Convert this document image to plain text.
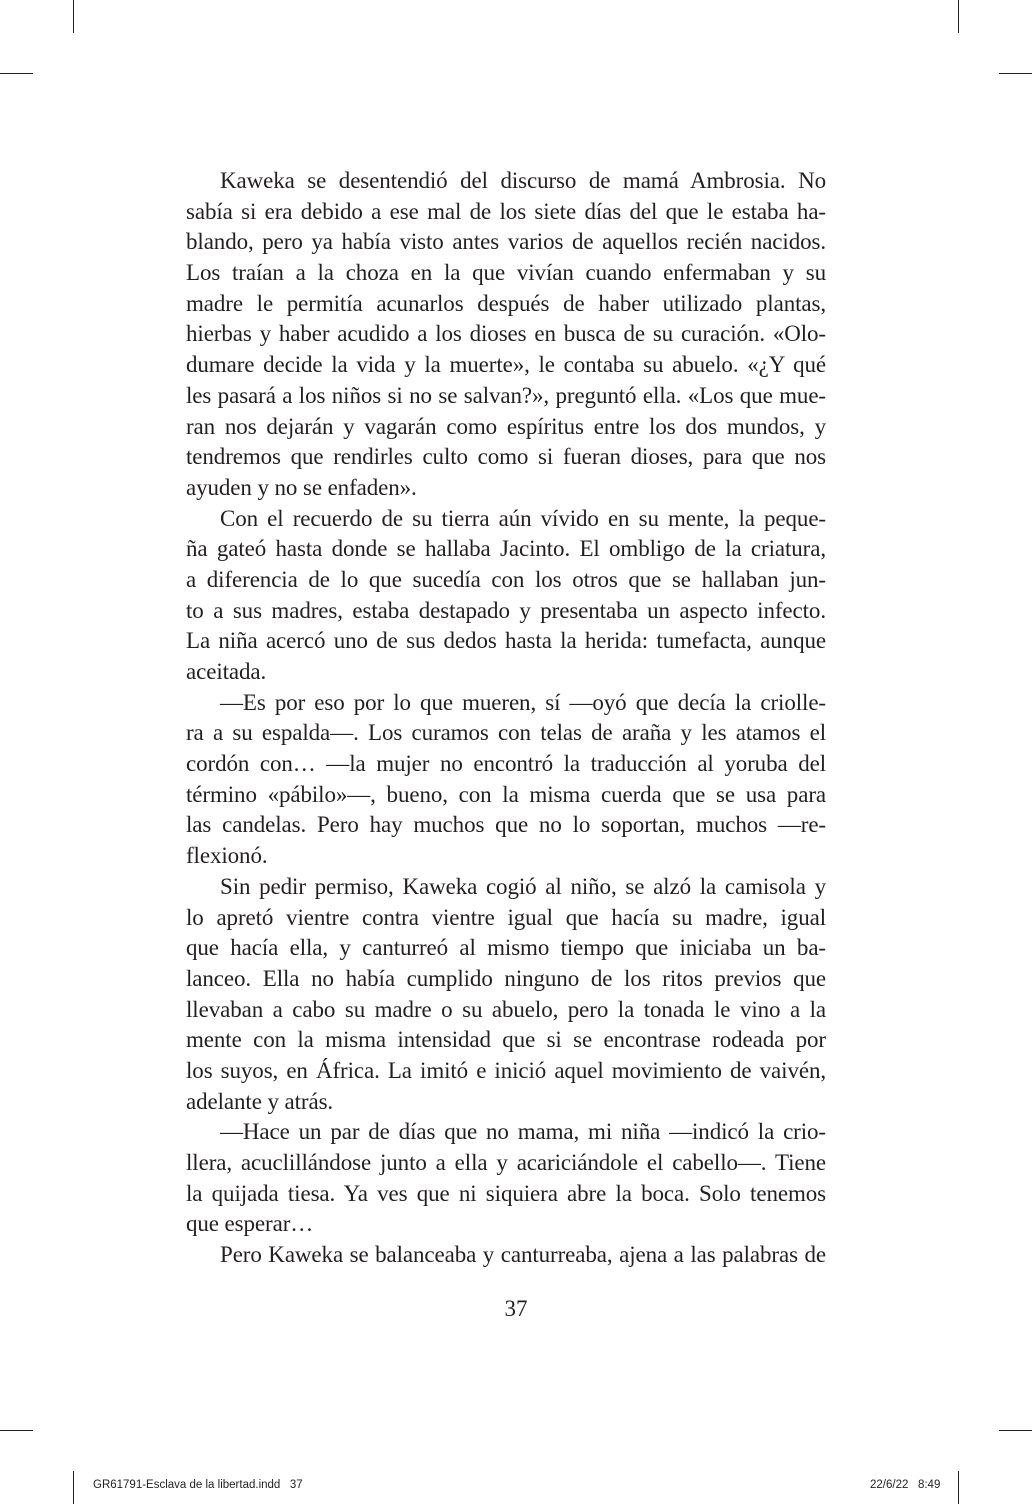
Kaweka se desentendió del discurso de mamá Ambrosia. No
sabía si era debido a ese mal de los siete días del que le estaba ha-
blando, pero ya había visto antes varios de aquellos recién nacidos.
Los traían a la choza en la que vivían cuando enfermaban y su
madre le permitía acunarlos después de haber utilizado plantas,
hierbas y haber acudido a los dioses en busca de su curación. «Olo-
dumare decide la vida y la muerte», le contaba su abuelo. «¿Y qué
les pasará a los niños si no se salvan?», preguntó ella. «Los que mue-
ran nos dejarán y vagarán como espíritus entre los dos mundos, y
tendremos que rendirles culto como si fueran dioses, para que nos
ayuden y no se enfaden».
Con el recuerdo de su tierra aún vívido en su mente, la peque-
ña gateó hasta donde se hallaba Jacinto. El ombligo de la criatura,
a diferencia de lo que sucedía con los otros que se hallaban jun-
to a sus madres, estaba destapado y presentaba un aspecto infecto.
La niña acercó uno de sus dedos hasta la herida: tumefacta, aunque
aceitada.
—Es por eso por lo que mueren, sí —oyó que decía la criolle-
ra a su espalda—. Los curamos con telas de araña y les atamos el
cordón con… —la mujer no encontró la traducción al yoruba del
término «pábilo»—, bueno, con la misma cuerda que se usa para
las candelas. Pero hay muchos que no lo soportan, muchos —re-
flexionó.
Sin pedir permiso, Kaweka cogió al niño, se alzó la camisola y
lo apretó vientre contra vientre igual que hacía su madre, igual
que hacía ella, y canturreó al mismo tiempo que iniciaba un ba-
lanceo. Ella no había cumplido ninguno de los ritos previos que
llevaban a cabo su madre o su abuelo, pero la tonada le vino a la
mente con la misma intensidad que si se encontrase rodeada por
los suyos, en África. La imitó e inició aquel movimiento de vaivén,
adelante y atrás.
—Hace un par de días que no mama, mi niña —indicó la crio-
llera, acuclillándose junto a ella y acariciándole el cabello—. Tiene
la quijada tiesa. Ya ves que ni siquiera abre la boca. Solo tenemos
que esperar…
Pero Kaweka se balanceaba y canturreaba, ajena a las palabras de
37
GR61791-Esclava de la libertad.indd   37	22/6/22   8:49
